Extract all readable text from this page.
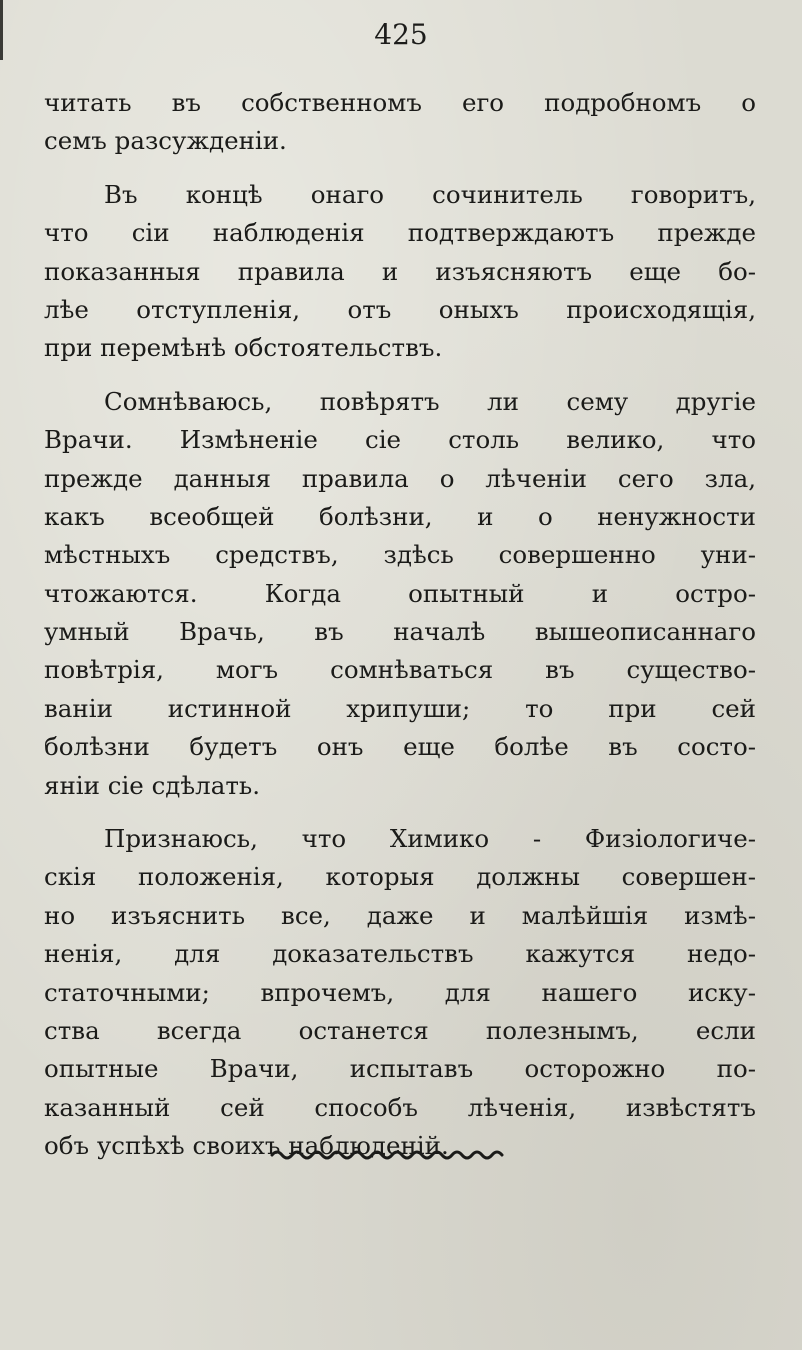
425
читать въ собственномъ его подробномъ о
семъ разсужденіи.
Въ концѣ онаго сочинитель говоритъ,
что сіи наблюденія подтверждаютъ прежде
показанныя правила и изъясняютъ еще бо-
лѣе отступленія, отъ оныхъ происходящія,
при перемѣнѣ обстоятельствъ.
Сомнѣваюсь, повѣрятъ ли сему другіе
Врачи. Измѣненіе сіе столь велико, что
прежде данныя правила о лѣченіи сего зла,
какъ всеобщей болѣзни, и о ненужности
мѣстныхъ средствъ, здѣсь совершенно уни-
чтожаются. Когда опытный и остро-
умный Врачь, въ началѣ вышеописаннаго
повѣтрія, могъ сомнѣваться въ существо-
ваніи истинной хрипуши; то при сей
болѣзни будетъ онъ еще болѣе въ состо-
яніи сіе сдѣлать.
Признаюсь, что Химико - Физіологиче-
скія положенія, которыя должны совершен-
но изъяснить все, даже и малѣйшія измѣ-
ненія, для доказательствъ кажутся недо-
статочными; впрочемъ, для нашего иску-
ства всегда останется полезнымъ, если
опытные Врачи, испытавъ осторожно по-
казанный сей способъ лѣченія, извѣстятъ
объ успѣхѣ своихъ наблюденій.
